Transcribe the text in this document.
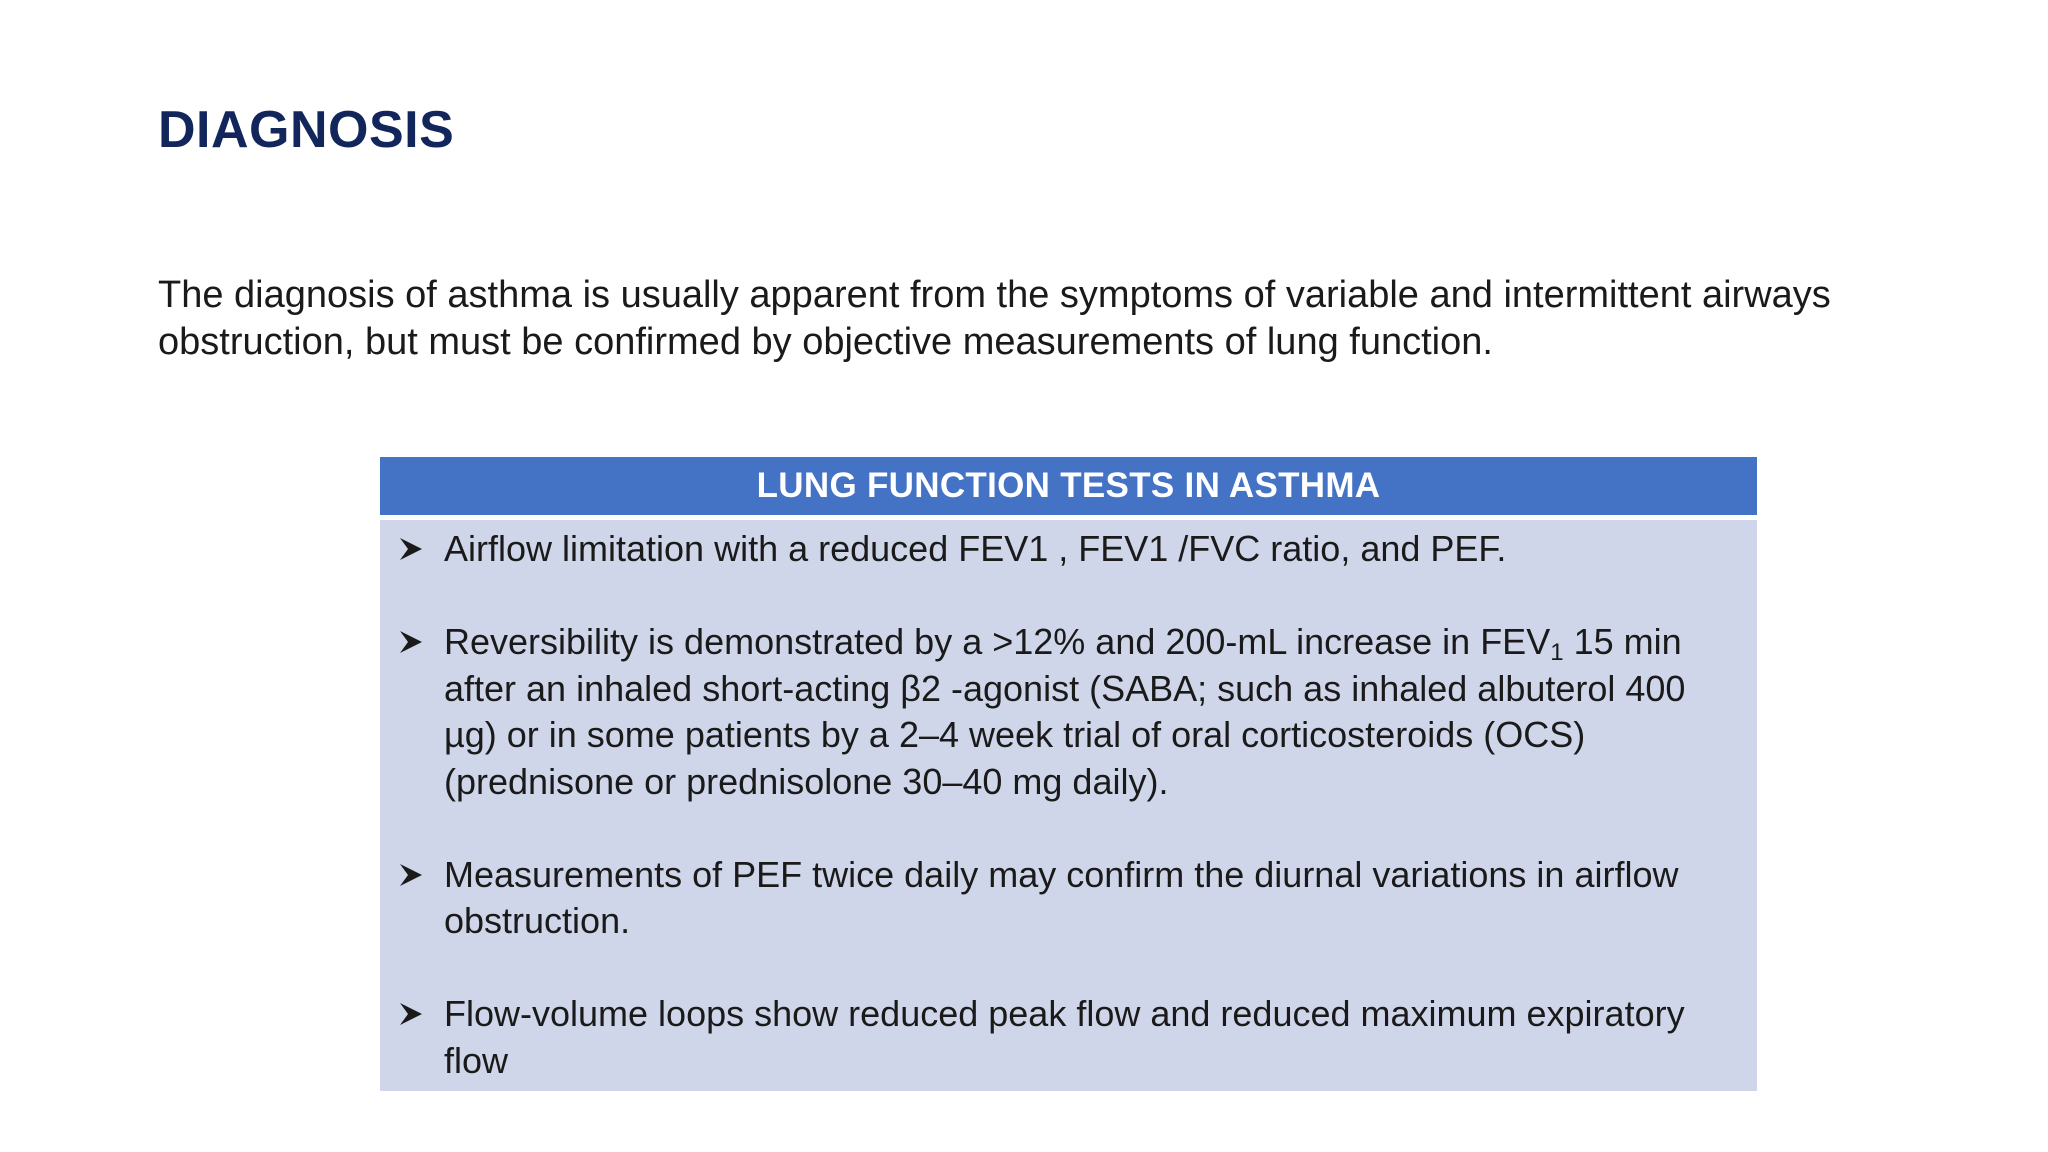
DIAGNOSIS

The diagnosis of asthma is usually apparent from the symptoms of variable and intermittent airways

obstruction, but must be confirmed by objective measurements of lung function.

LUNG FUNCTION TESTS IN ASTHMA
Airflow limitation with a reduced FEV1 , FEV1 /FVC ratio, and PEF.
Reversibility is demonstrated by a >12% and 200-mL increase in $FEV_1$ 15 min after an inhaled short-acting β2 -agonist (SABA; such as inhaled albuterol 400 µg) or in some patients by a 2–4 week trial of oral corticosteroids (OCS) (prednisone or prednisolone 30–40 mg daily).
Measurements of PEF twice daily may confirm the diurnal variations in airflow obstruction.
Flow-volume loops show reduced peak flow and reduced maximum expiratory flow
